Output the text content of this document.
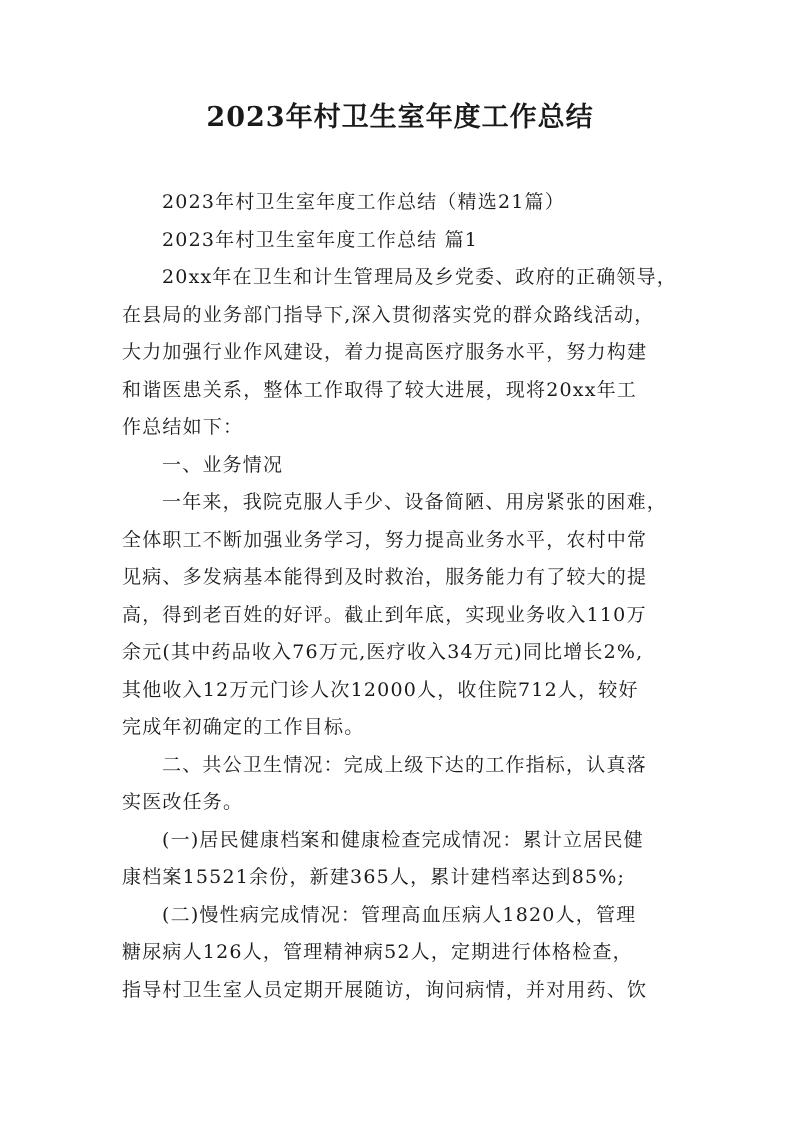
2023年村卫生室年度工作总结
2023年村卫生室年度工作总结（精选21篇）
2023年村卫生室年度工作总结 篇1
20xx年在卫生和计生管理局及乡党委、政府的正确领导，
在县局的业务部门指导下,深入贯彻落实党的群众路线活动，
大力加强行业作风建设，着力提高医疗服务水平，努力构建
和谐医患关系，整体工作取得了较大进展，现将20xx年工
作总结如下：
一、业务情况
一年来，我院克服人手少、设备简陋、用房紧张的困难，
全体职工不断加强业务学习，努力提高业务水平，农村中常
见病、多发病基本能得到及时救治，服务能力有了较大的提
高，得到老百姓的好评。截止到年底，实现业务收入110万
余元(其中药品收入76万元,医疗收入34万元)同比增长2%,
其他收入12万元门诊人次12000人，收住院712人，较好
完成年初确定的工作目标。
二、共公卫生情况：完成上级下达的工作指标，认真落
实医改任务。
(一)居民健康档案和健康检查完成情况：累计立居民健
康档案15521余份，新建365人，累计建档率达到85%;
(二)慢性病完成情况：管理高血压病人1820人，管理
糖尿病人126人，管理精神病52人，定期进行体格检查，
指导村卫生室人员定期开展随访，询问病情，并对用药、饮
